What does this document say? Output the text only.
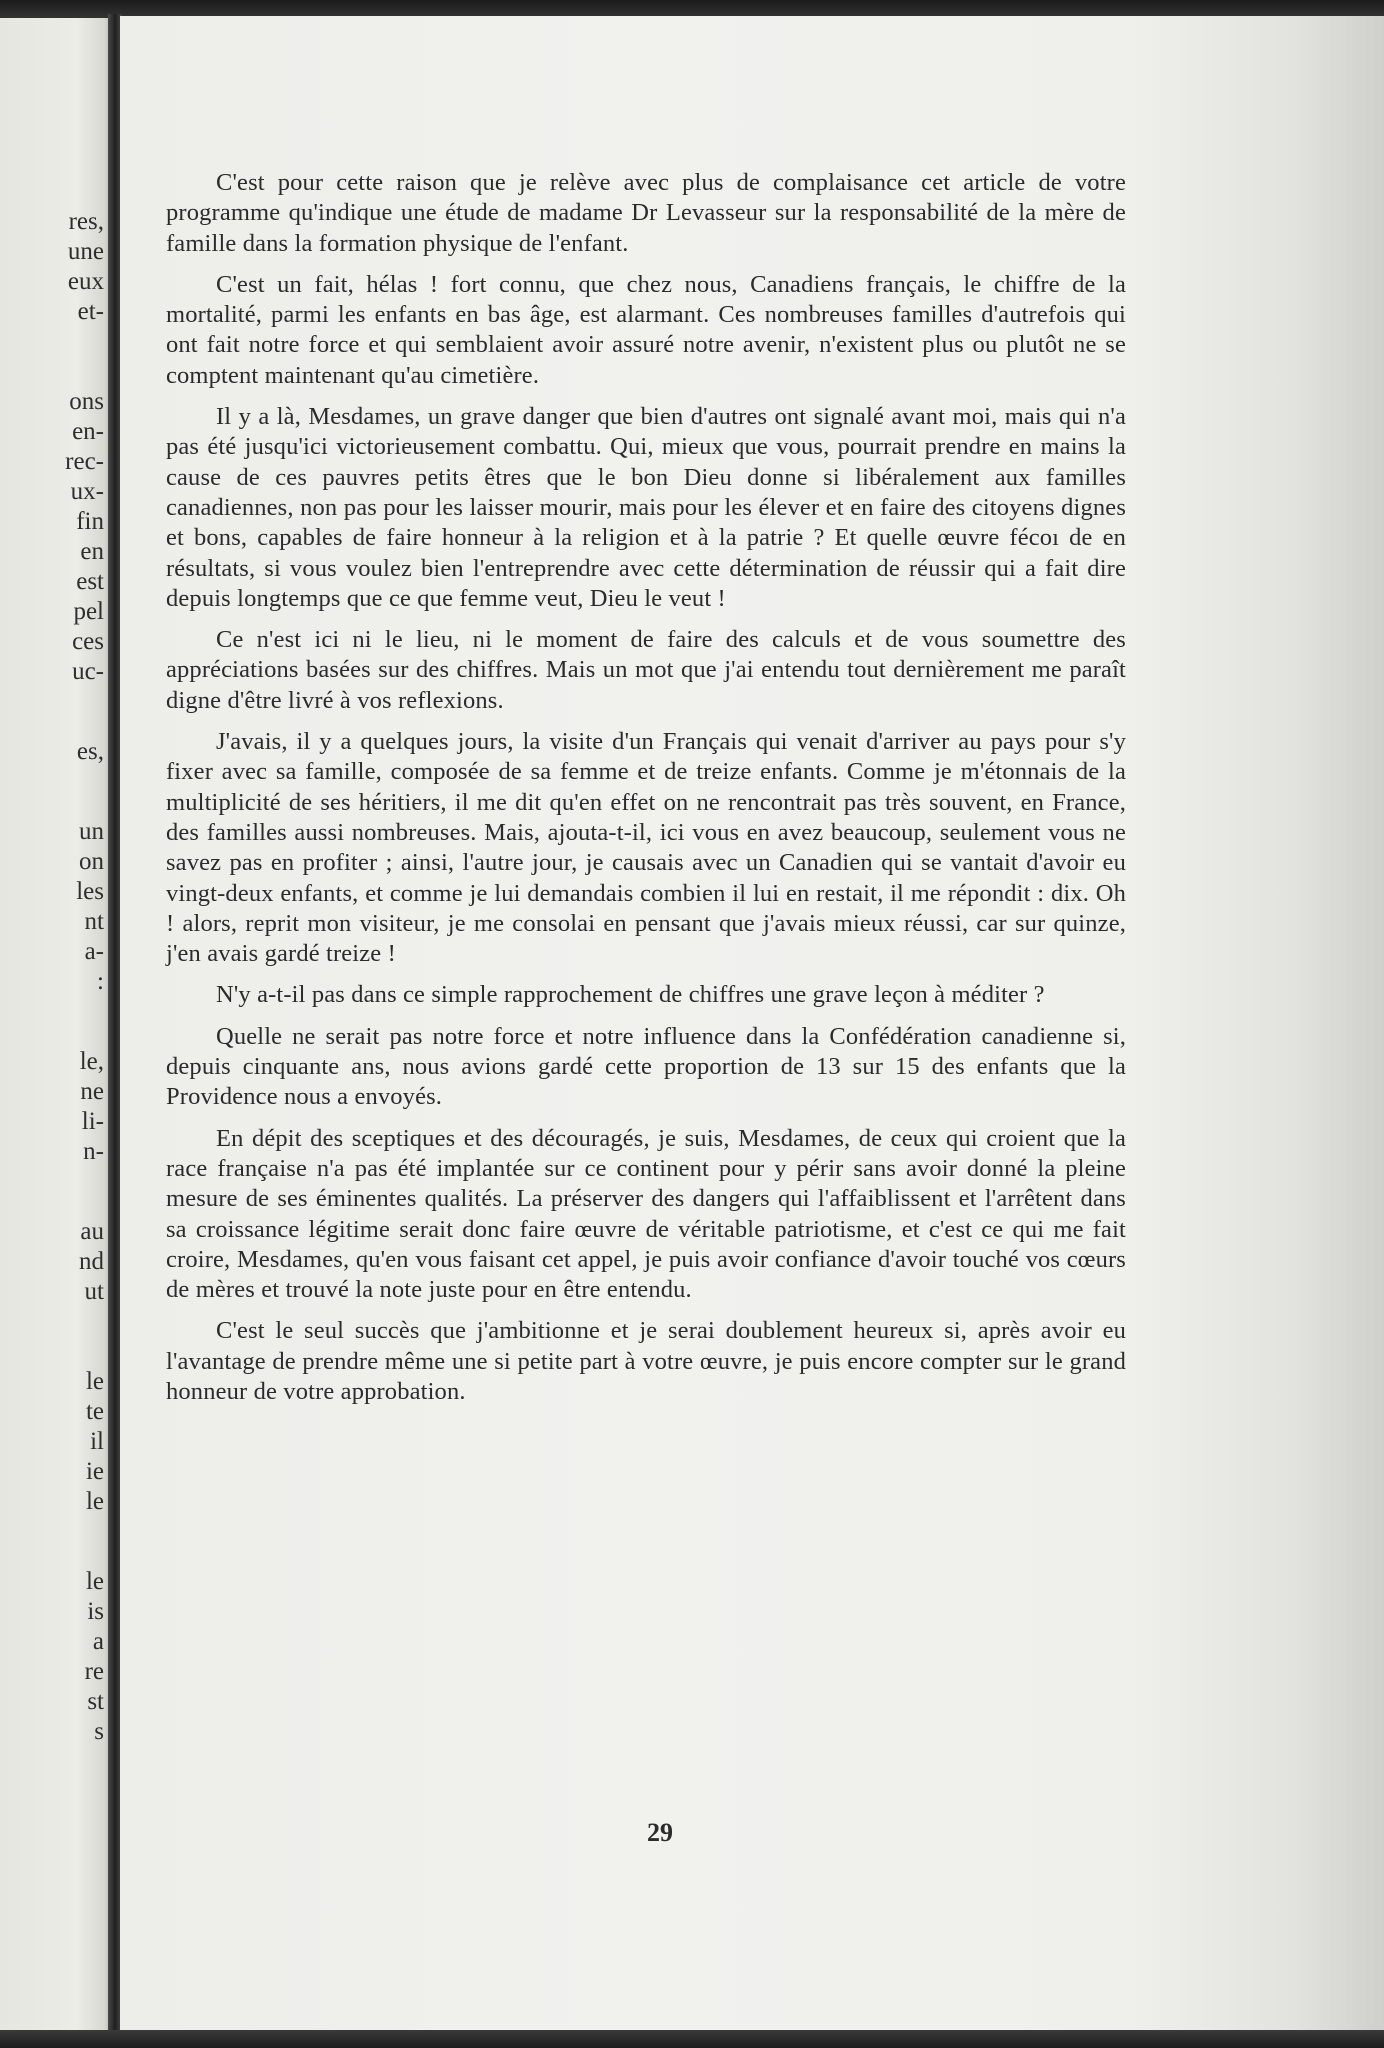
res,
une
eux
et-
ons
en-
rec-
ux-
fin
en
est
pel
ces
uc-
es,
un
on
les
nt
a-
:
le,
ne
li-
n-
au
nd
ut
le
te
il
ie
le
le
is
a
re
st
s

C'est pour cette raison que je relève avec plus de complaisance cet article de votre programme qu'indique une étude de madame Dr Levasseur sur la responsabilité de la mère de famille dans la formation physique de l'enfant.

C'est un fait, hélas ! fort connu, que chez nous, Canadiens français, le chiffre de la mortalité, parmi les enfants en bas âge, est alarmant. Ces nombreuses familles d'autrefois qui ont fait notre force et qui semblaient avoir assuré notre avenir, n'existent plus ou plutôt ne se comptent maintenant qu'au cimetière.

Il y a là, Mesdames, un grave danger que bien d'autres ont signalé avant moi, mais qui n'a pas été jusqu'ici victorieusement combattu. Qui, mieux que vous, pourrait prendre en mains la cause de ces pauvres petits êtres que le bon Dieu donne si libéralement aux familles canadiennes, non pas pour les laisser mourir, mais pour les élever et en faire des citoyens dignes et bons, capables de faire honneur à la religion et à la patrie ? Et quelle œuvre fécoı de en résultats, si vous voulez bien l'entreprendre avec cette détermination de réussir qui a fait dire depuis longtemps que ce que femme veut, Dieu le veut !

Ce n'est ici ni le lieu, ni le moment de faire des calculs et de vous soumettre des appréciations basées sur des chiffres. Mais un mot que j'ai entendu tout dernièrement me paraît digne d'être livré à vos reflexions.

J'avais, il y a quelques jours, la visite d'un Français qui venait d'arriver au pays pour s'y fixer avec sa famille, composée de sa femme et de treize enfants. Comme je m'étonnais de la multiplicité de ses héritiers, il me dit qu'en effet on ne rencontrait pas très souvent, en France, des familles aussi nombreuses. Mais, ajouta-t-il, ici vous en avez beaucoup, seulement vous ne savez pas en profiter ; ainsi, l'autre jour, je causais avec un Canadien qui se vantait d'avoir eu vingt-deux enfants, et comme je lui demandais combien il lui en restait, il me répondit : dix. Oh ! alors, reprit mon visiteur, je me consolai en pensant que j'avais mieux réussi, car sur quinze, j'en avais gardé treize !

N'y a-t-il pas dans ce simple rapprochement de chiffres une grave leçon à méditer ?

Quelle ne serait pas notre force et notre influence dans la Confédération canadienne si, depuis cinquante ans, nous avions gardé cette proportion de 13 sur 15 des enfants que la Providence nous a envoyés.

En dépit des sceptiques et des découragés, je suis, Mesdames, de ceux qui croient que la race française n'a pas été implantée sur ce continent pour y périr sans avoir donné la pleine mesure de ses éminentes qualités. La préserver des dangers qui l'affaiblissent et l'arrêtent dans sa croissance légitime serait donc faire œuvre de véritable patriotisme, et c'est ce qui me fait croire, Mesdames, qu'en vous faisant cet appel, je puis avoir confiance d'avoir touché vos cœurs de mères et trouvé la note juste pour en être entendu.

C'est le seul succès que j'ambitionne et je serai doublement heureux si, après avoir eu l'avantage de prendre même une si petite part à votre œuvre, je puis encore compter sur le grand honneur de votre approbation.

29
